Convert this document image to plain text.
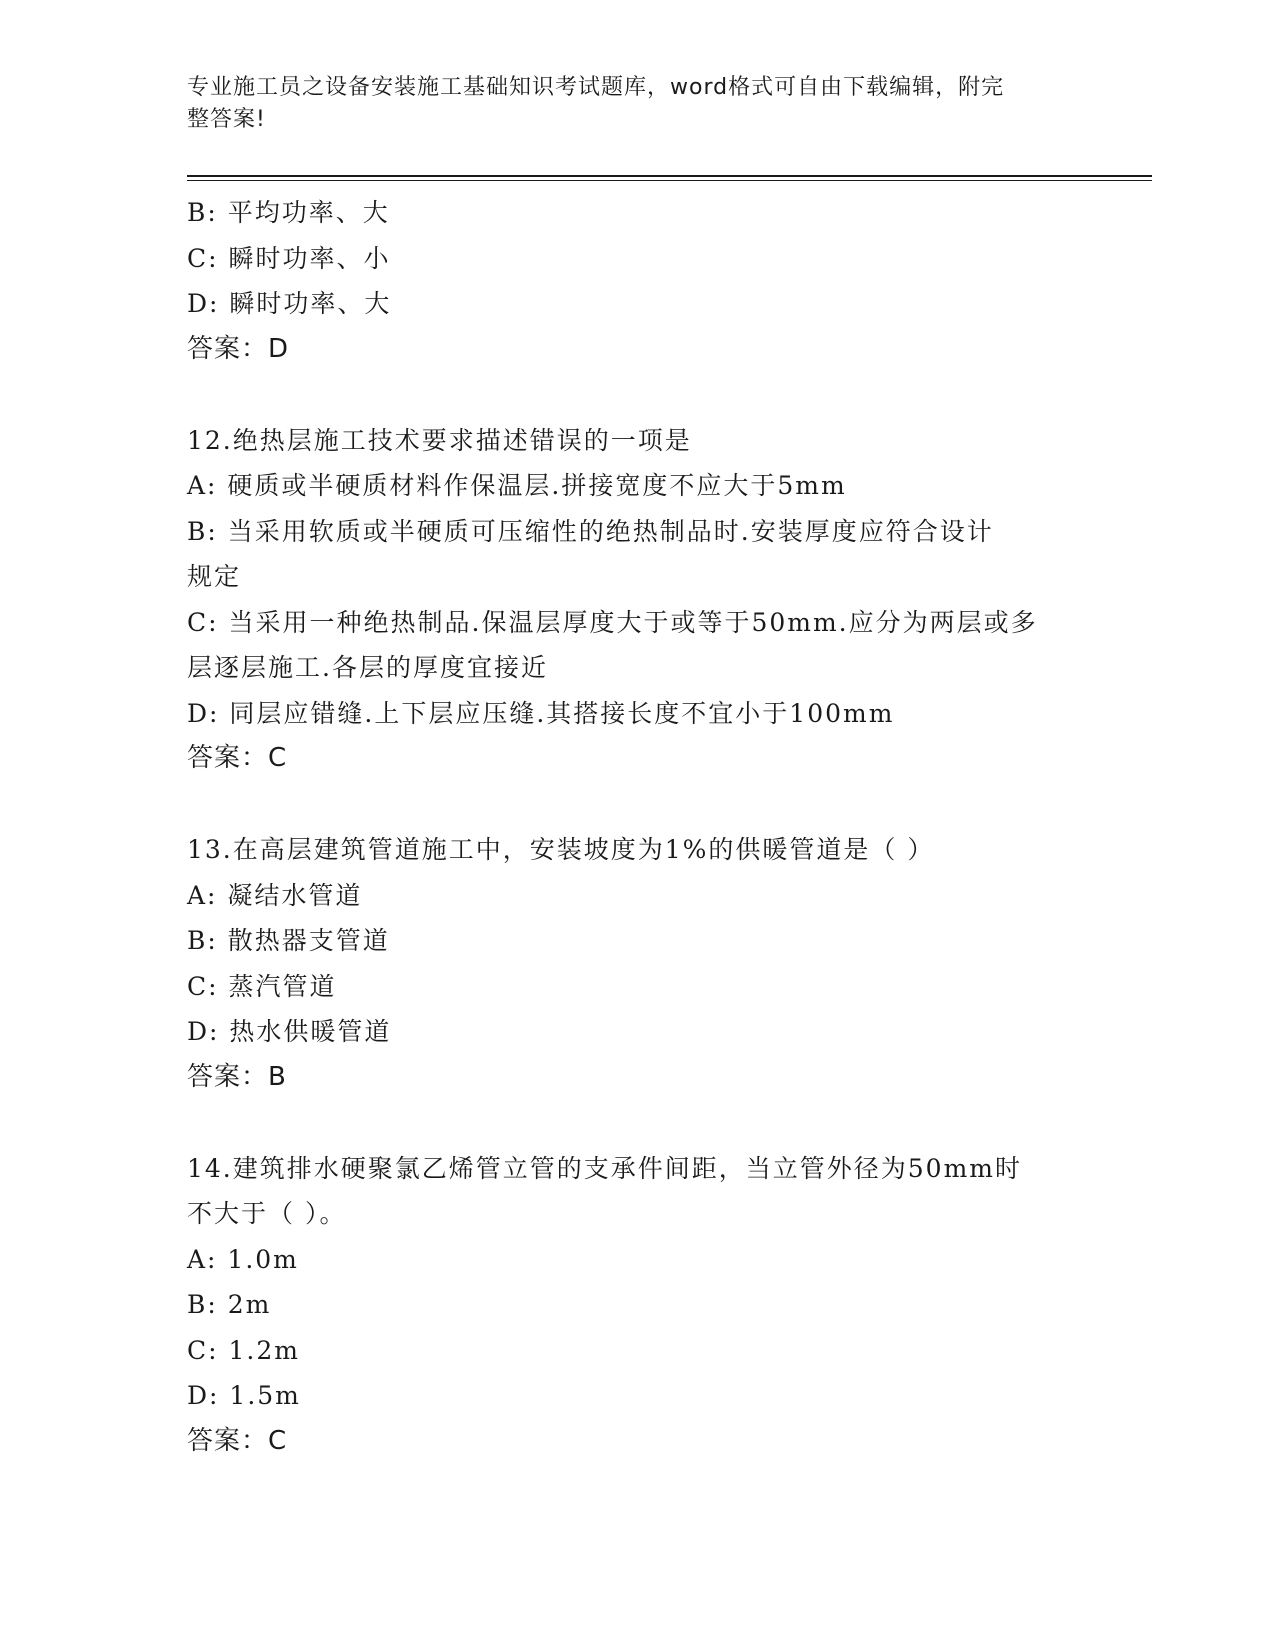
专业施工员之设备安装施工基础知识考试题库，word格式可自由下载编辑，附完
整答案!
B: 平均功率、大
C: 瞬时功率、小
D: 瞬时功率、大
答案：D
12.绝热层施工技术要求描述错误的一项是
A: 硬质或半硬质材料作保温层.拼接宽度不应大于5mm
B: 当采用软质或半硬质可压缩性的绝热制品时.安装厚度应符合设计
规定
C: 当采用一种绝热制品.保温层厚度大于或等于50mm.应分为两层或多
层逐层施工.各层的厚度宜接近
D: 同层应错缝.上下层应压缝.其搭接长度不宜小于100mm
答案：C
13.在高层建筑管道施工中，安装坡度为1%的供暖管道是（ ）
A: 凝结水管道
B: 散热器支管道
C: 蒸汽管道
D: 热水供暖管道
答案：B
14.建筑排水硬聚氯乙烯管立管的支承件间距，当立管外径为50mm时
不大于（ ）。
A: 1.0m
B: 2m
C: 1.2m
D: 1.5m
答案：C
